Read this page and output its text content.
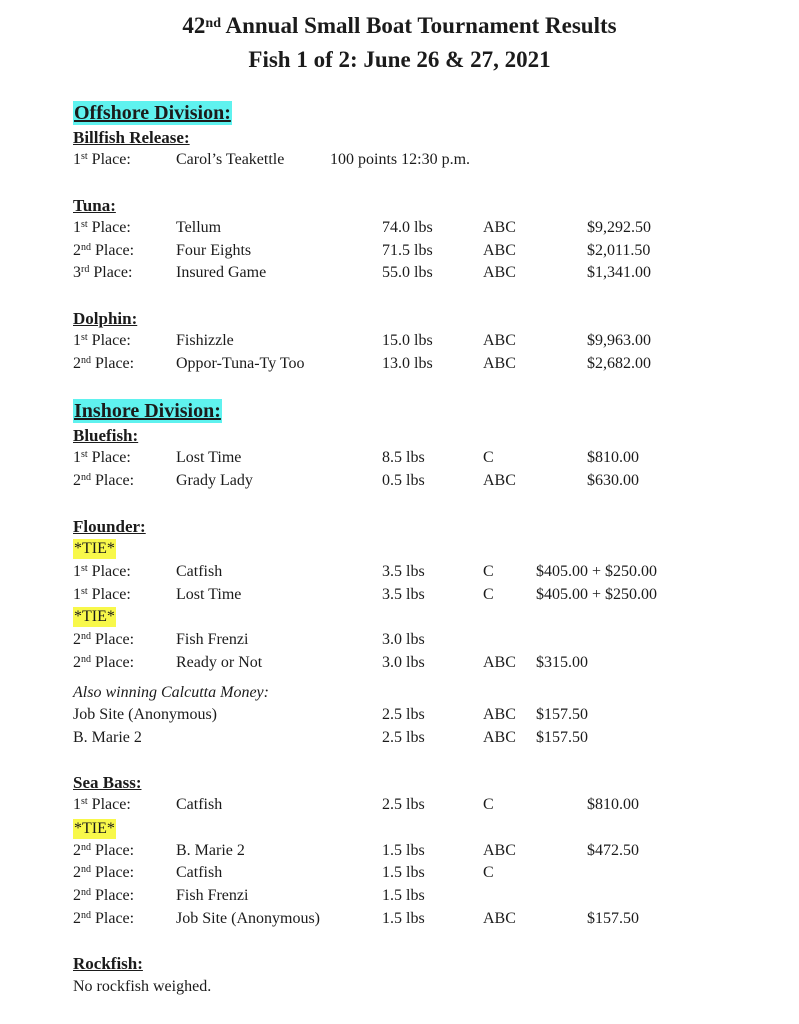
42nd Annual Small Boat Tournament Results
Fish 1 of 2: June 26 & 27, 2021
Offshore Division:
Billfish Release:
1st Place:	Carol’s Teakettle	100 points 12:30 p.m.
Tuna:
1st Place:	Tellum	74.0 lbs	ABC	$9,292.50
2nd Place:	Four Eights	71.5 lbs	ABC	$2,011.50
3rd Place:	Insured Game	55.0 lbs	ABC	$1,341.00
Dolphin:
1st Place:	Fishizzle	15.0 lbs	ABC	$9,963.00
2nd Place:	Oppor-Tuna-Ty Too	13.0 lbs	ABC	$2,682.00
Inshore Division:
Bluefish:
1st Place:	Lost Time	8.5 lbs	C	$810.00
2nd Place:	Grady Lady	0.5 lbs	ABC	$630.00
Flounder:
*TIE*
1st Place:	Catfish	3.5 lbs	C	$405.00 + $250.00
1st Place:	Lost Time	3.5 lbs	C	$405.00 + $250.00
*TIE*
2nd Place:	Fish Frenzi	3.0 lbs
2nd Place:	Ready or Not	3.0 lbs	ABC $315.00
Also winning Calcutta Money:
Job Site (Anonymous)	2.5 lbs	ABC $157.50
B. Marie 2	2.5 lbs	ABC $157.50
Sea Bass:
1st Place:	Catfish	2.5 lbs	C	$810.00
*TIE*
2nd Place:	B. Marie 2	1.5 lbs	ABC	$472.50
2nd Place:	Catfish	1.5 lbs	C
2nd Place:	Fish Frenzi	1.5 lbs
2nd Place:	Job Site (Anonymous)	1.5 lbs	ABC	$157.50
Rockfish:
No rockfish weighed.
